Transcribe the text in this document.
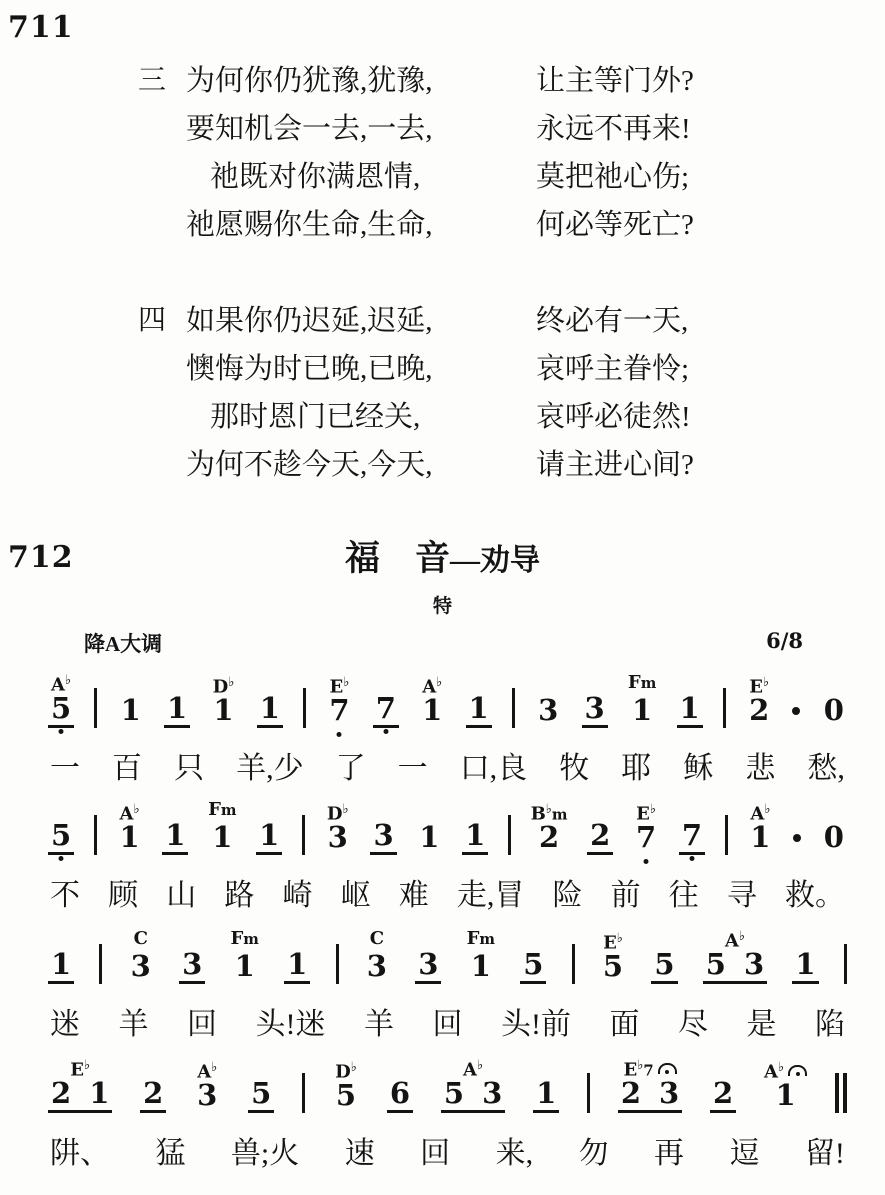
711
三 为何你仍犹豫,犹豫,	让主等门外?
要知机会一去,一去,	永远不再来!
祂既对你满恩情,	莫把祂心伤;
祂愿赐你生命,生命,	何必等死亡?
四 如果你仍迟延,迟延,	终必有一天,
懊悔为时已晚,已晚,	哀呼主眷怜;
那时恩门已经关,	哀呼必徒然!
为何不趁今天,今天,	请主进心间?
712	福　音—劝导
特
降A大调	6/8
A♭
5 1 1
D♭
1 1
E♭
7 7
A♭
1 1 3 3
Fm
1 1
E♭
2 0
一 百 只 羊,少 了 一 口,良 牧 耶 稣 悲 愁,
5
A♭
1 1
Fm
1 1
D♭
3 3 1 1
B♭m
2 2
E♭
7 7
A♭
1 0
不 顾 山 路 崎 岖 难 走,冒 险 前 往 寻 救。
1
C
3 3
Fm
1 1
C
3 3
Fm
1 5
E♭
5 5
A♭
5 3 1
迷 羊 回 头!迷 羊 回 头!前 面 尽 是 陷
E♭
2 1 2
A♭
3 5
D♭
5 6
A♭
5 3 1
E♭7
2 3 2
A♭
1
阱、 猛 兽;火 速 回 来, 勿 再 逗 留!
